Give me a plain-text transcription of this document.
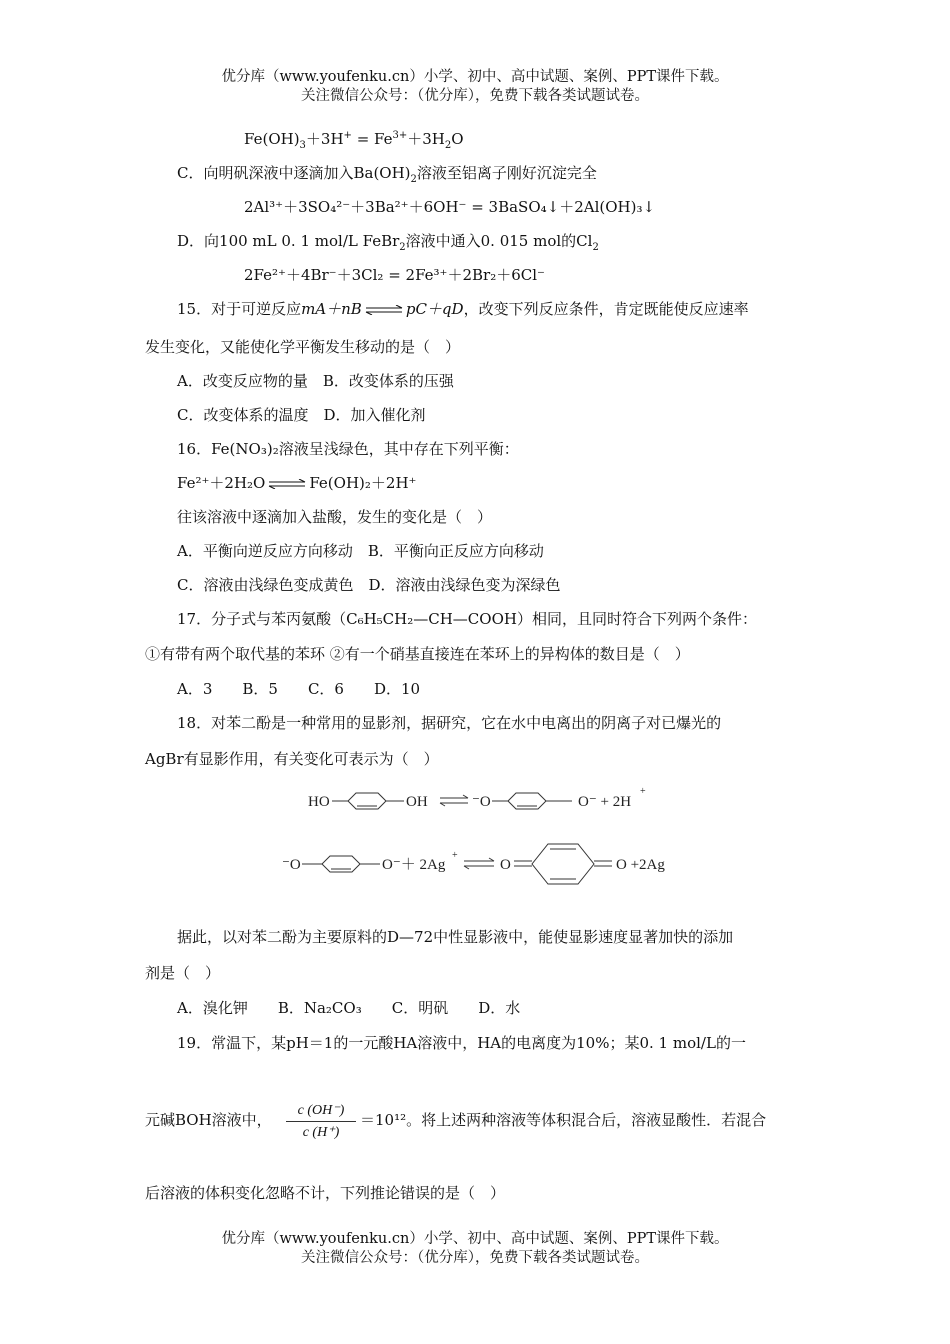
优分库（www.youfenku.cn）小学、初中、高中试题、案例、PPT课件下载。
关注微信公众号：（优分库），免费下载各类试题试卷。
$Fe(OH)_3+3H^+ = Fe^{3+}+3H_2O$
C．向明矾深液中逐滴加入$Ba(OH)_2$溶液至铝离子刚好沉淀完全
2Al³⁺＋3SO₄²⁻＋3Ba²⁺＋6OH⁻ = 3BaSO₄↓＋2Al(OH)₃↓
D．向100 mL 0. 1 mol/L FeBr$_2$溶液中通入0. 015 mol的$Cl_2$
2Fe²⁺＋4Br⁻＋3Cl₂ = 2Fe³⁺＋2Br₂＋6Cl⁻
15．对于可逆反应mA＋nB ⇌ pC＋qD，改变下列反应条件，肯定既能使反应速率
发生变化，又能使化学平衡发生移动的是（　）
A．改变反应物的量　B．改变体系的压强
C．改变体系的温度　D．加入催化剂
16．Fe(NO₃)₂溶液呈浅绿色，其中存在下列平衡：
Fe²⁺＋2H₂O ⇌ Fe(OH)₂＋2H⁺
往该溶液中逐滴加入盐酸，发生的变化是（　）
A．平衡向逆反应方向移动　B．平衡向正反应方向移动
C．溶液由浅绿色变成黄色　D．溶液由浅绿色变为深绿色
17．分子式与苯丙氨酸（C₆H₅CH₂—CH—COOH）相同，且同时符合下列两个条件：
①有带有两个取代基的苯环 ②有一个硝基直接连在苯环上的异构体的数目是（　）
A．3　　B．5　　C．6　　D．10
18．对苯二酚是一种常用的显影剂，据研究，它在水中电离出的阴离子对已爆光的
AgBr有显影作用，有关变化可表示为（　）
HO	OH	⁻O	O⁻ + 2H
+
⁻O	O⁻＋ 2Ag
+
O	O +2Ag
据此，以对苯二酚为主要原料的D—72中性显影液中，能使显影速度显著加快的添加
剂是（　）
A．溴化钾　　B．Na₂CO₃　　C．明矾　　D．水
19．常温下，某pH＝1的一元酸HA溶液中，HA的电离度为10%；某0. 1 mol/L的一
元碱BOH溶液中，
c (OH⁻)
c (H⁺)
＝10¹²。将上述两种溶液等体积混合后，溶液显酸性．若混合
后溶液的体积变化忽略不计，下列推论错误的是（　）
优分库（www.youfenku.cn）小学、初中、高中试题、案例、PPT课件下载。
关注微信公众号：（优分库），免费下载各类试题试卷。
